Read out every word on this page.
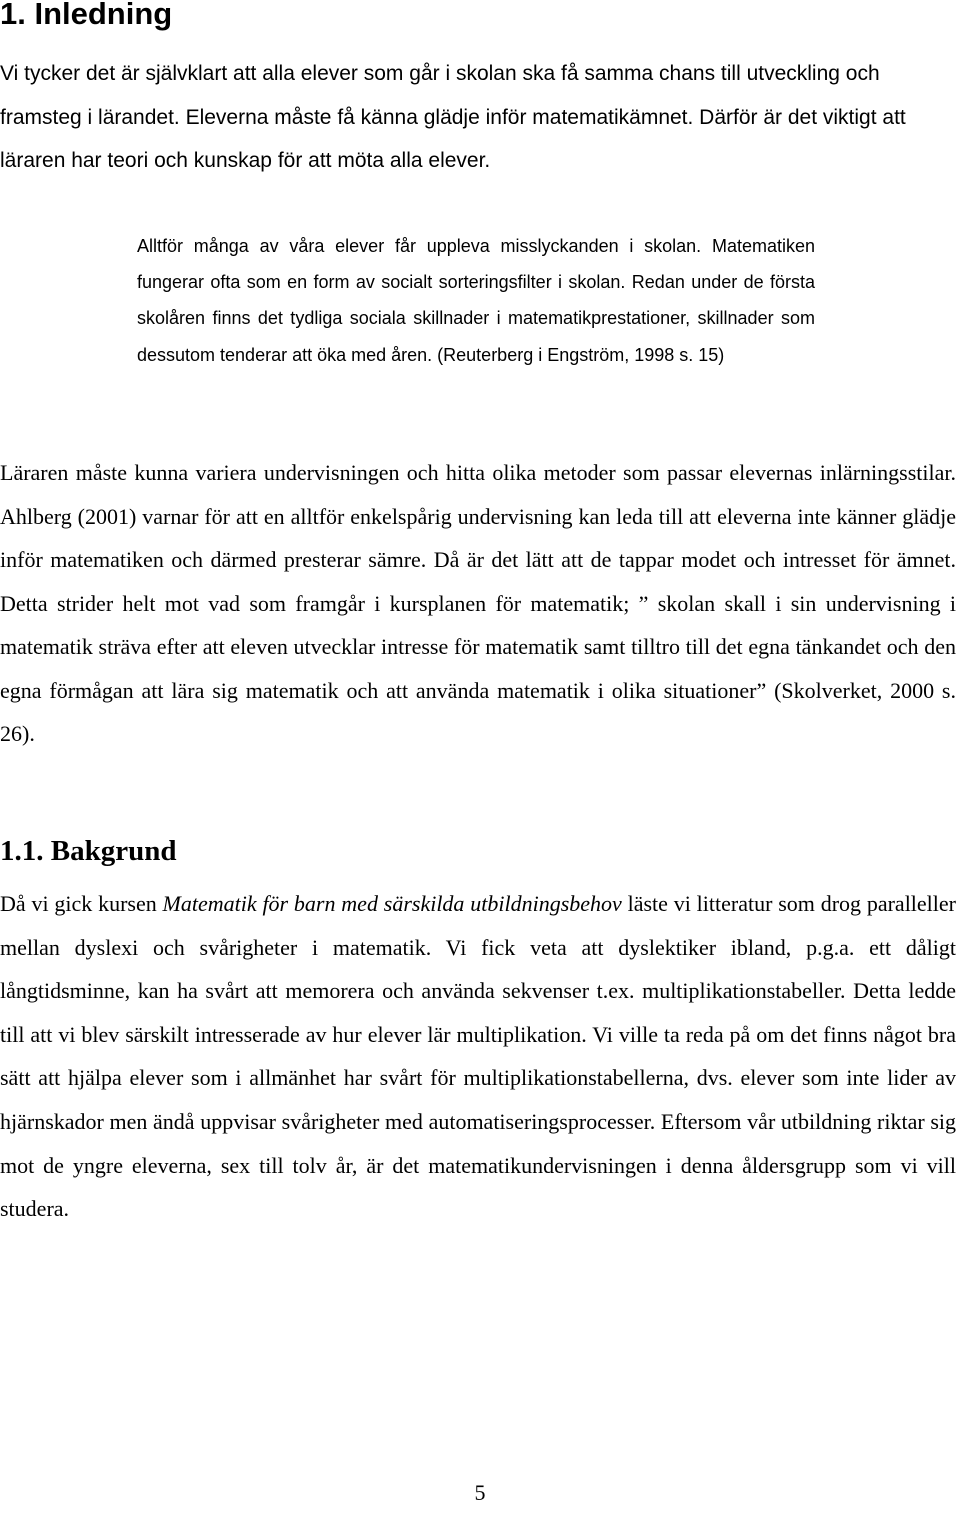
1. Inledning

Vi tycker det är självklart att alla elever som går i skolan ska få samma chans till utveckling och framsteg i lärandet. Eleverna måste få känna glädje inför matematikämnet. Därför är det viktigt att läraren har teori och kunskap för att möta alla elever.

Alltför många av våra elever får uppleva misslyckanden i skolan. Matematiken fungerar ofta som en form av socialt sorteringsfilter i skolan. Redan under de första skolåren finns det tydliga sociala skillnader i matematikprestationer, skillnader som dessutom tenderar att öka med åren. (Reuterberg i Engström, 1998 s. 15)

Läraren måste kunna variera undervisningen och hitta olika metoder som passar elevernas inlärningsstilar. Ahlberg (2001) varnar för att en alltför enkelspårig undervisning kan leda till att eleverna inte känner glädje inför matematiken och därmed presterar sämre. Då är det lätt att de tappar modet och intresset för ämnet. Detta strider helt mot vad som framgår i kursplanen för matematik; ” skolan skall i sin undervisning i matematik sträva efter att eleven utvecklar intresse för matematik samt tilltro till det egna tänkandet och den egna förmågan att lära sig matematik och att använda matematik i olika situationer” (Skolverket, 2000 s. 26).

1.1. Bakgrund

Då vi gick kursen Matematik för barn med särskilda utbildningsbehov läste vi litteratur som drog paralleller mellan dyslexi och svårigheter i matematik. Vi fick veta att dyslektiker ibland, p.g.a. ett dåligt långtidsminne, kan ha svårt att memorera och använda sekvenser t.ex. multiplikationstabeller. Detta ledde till att vi blev särskilt intresserade av hur elever lär multiplikation. Vi ville ta reda på om det finns något bra sätt att hjälpa elever som i allmänhet har svårt för multiplikationstabellerna, dvs. elever som inte lider av hjärnskador men ändå uppvisar svårigheter med automatiseringsprocesser. Eftersom vår utbildning riktar sig mot de yngre eleverna, sex till tolv år, är det matematikundervisningen i denna åldersgrupp som vi vill studera.

5
